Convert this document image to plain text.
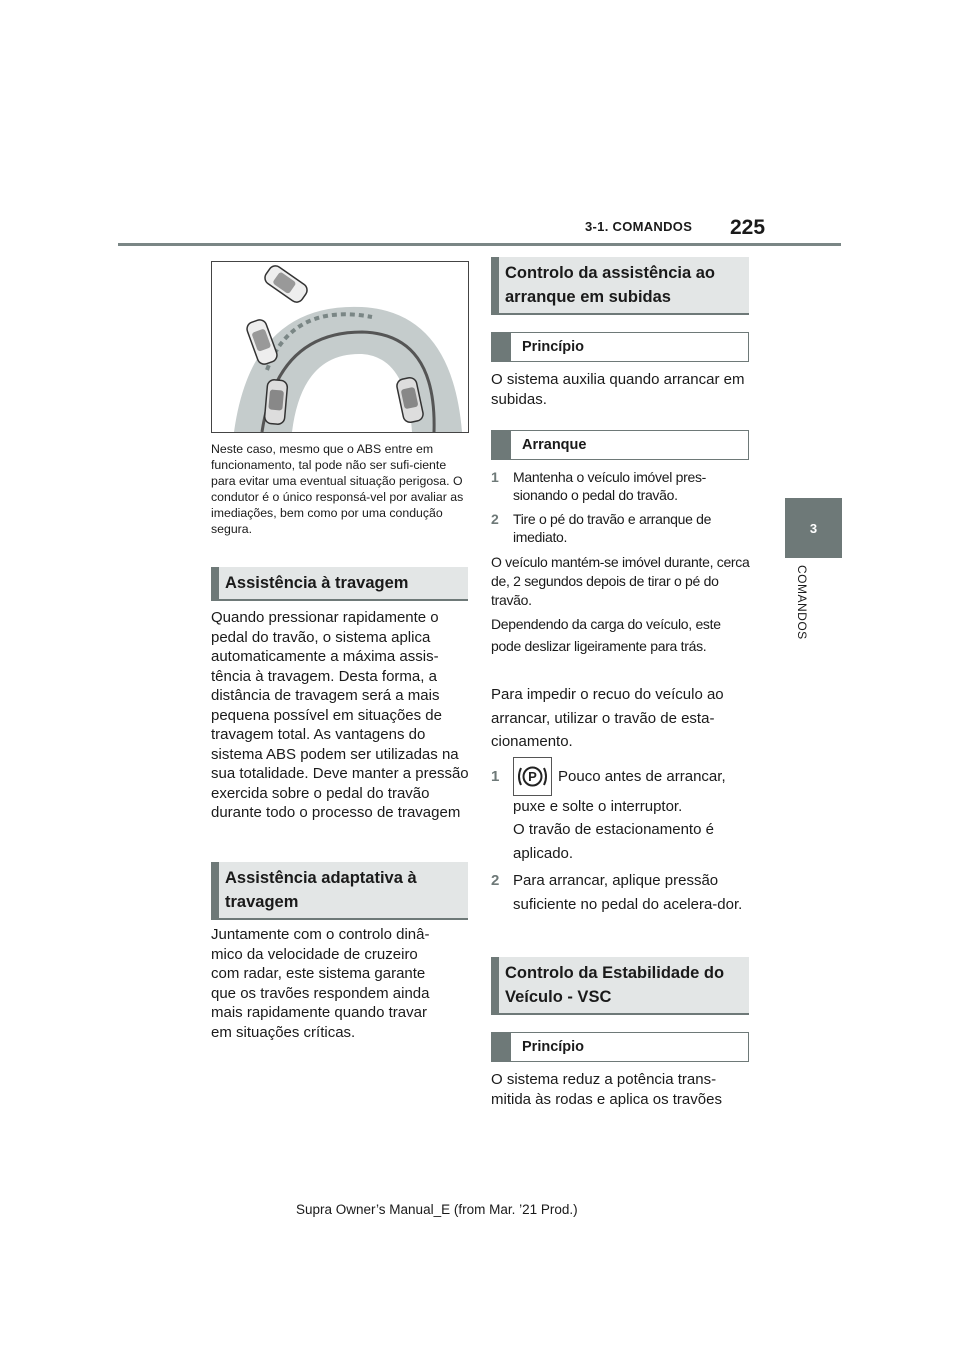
3-1. COMANDOS 225
3
COMANDOS
Neste caso, mesmo que o ABS entre em funcionamento, tal pode não ser sufi-ciente para evitar uma eventual situação perigosa. O condutor é o único responsá-vel por avaliar as imediações, bem como por uma condução segura.
Assistência à travagem
Quando pressionar rapidamente o pedal do travão, o sistema aplica automaticamente a máxima assis-tência à travagem. Desta forma, a distância de travagem será a mais pequena possível em situações de travagem total. As vantagens do sistema ABS podem ser utilizadas na sua totalidade. Deve manter a pressão exercida sobre o pedal do travão durante todo o processo de travagem
Assistência adaptativa à travagem
Juntamente com o controlo dinâ-mico da velocidade de cruzeiro com radar, este sistema garante que os travões respondem ainda mais rapidamente quando travar em situações críticas.
Controlo da assistência ao arranque em subidas
Princípio
O sistema auxilia quando arrancar em subidas.
Arranque
1 Mantenha o veículo imóvel pres-sionando o pedal do travão.
2 Tire o pé do travão e arranque de imediato.
O veículo mantém-se imóvel durante, cerca de, 2 segundos depois de tirar o pé do travão.
Dependendo da carga do veículo, este pode deslizar ligeiramente para trás.
Para impedir o recuo do veículo ao arrancar, utilizar o travão de esta-cionamento.
1 P Pouco antes de arrancar,
puxe e solte o interruptor.
O travão de estacionamento é aplicado.
2 Para arrancar, aplique pressão suficiente no pedal do acelera-dor.
Controlo da Estabilidade do Veículo - VSC
Princípio
O sistema reduz a potência trans-mitida às rodas e aplica os travões
Supra Owner’s Manual_E (from Mar. ’21 Prod.)
